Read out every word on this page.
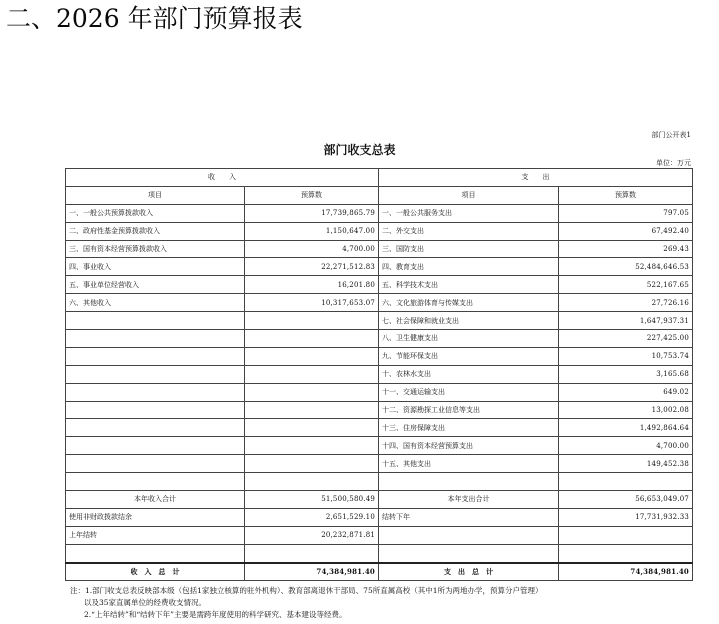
二、2026 年部门预算报表
部门公开表1
部门收支总表
单位：万元
收　　入		支　　出	
项目	预算数	项目	预算数
一、一般公共预算拨款收入	17,739,865.79	一、一般公共服务支出	797.05
二、政府性基金预算拨款收入	1,150,647.00	二、外交支出	67,492.40
三、国有资本经营预算拨款收入	4,700.00	三、国防支出	269.43
四、事业收入	22,271,512.83	四、教育支出	52,484,646.53
五、事业单位经营收入	16,201.80	五、科学技术支出	522,167.65
六、其他收入	10,317,653.07	六、文化旅游体育与传媒支出	27,726.16
		七、社会保障和就业支出	1,647,937.31
		八、卫生健康支出	227,425.00
		九、节能环保支出	10,753.74
		十、农林水支出	3,165.68
		十一、交通运输支出	649.02
		十二、资源勘探工业信息等支出	13,002.08
		十三、住房保障支出	1,492,864.64
		十四、国有资本经营预算支出	4,700.00
		十五、其他支出	149,452.38

本年收入合计	51,500,580.49	本年支出合计	56,653,049.07
使用非财政拨款结余	2,651,529.10	结转下年	17,731,932.33
上年结转	20,232,871.81		

收　入　总　计	74,384,981.40	支　出　总　计	74,384,981.40
注：1.部门收支总表反映部本级（包括1家独立核算的驻外机构）、教育部离退休干部局、75所直属高校（其中1所为两地办学，预算分户管理）
以及35家直属单位的经费收支情况。
2.“上年结转”和“结转下年”主要是需跨年度使用的科学研究、基本建设等经费。
